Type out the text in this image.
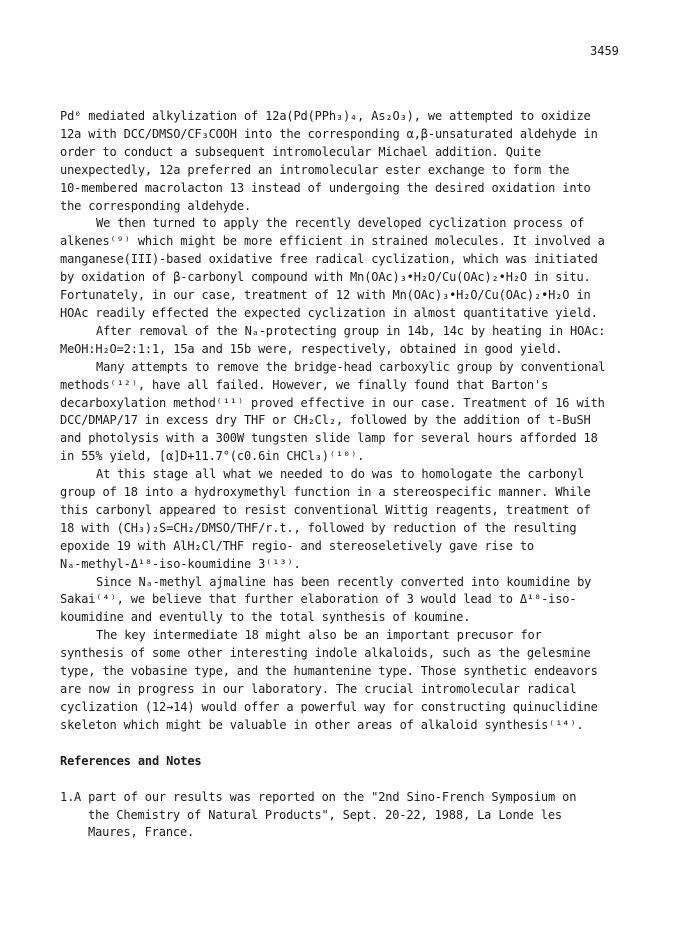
3459
Pd⁰ mediated alkylization of 12a(Pd(PPh₃)₄, As₂O₃), we attempted to oxidize
12a with DCC/DMSO/CF₃COOH into the corresponding α,β-unsaturated aldehyde in
order to conduct a subsequent intromolecular Michael addition. Quite
unexpectedly, 12a preferred an intromolecular ester exchange to form the
10-membered macrolacton 13 instead of undergoing the desired oxidation into
the corresponding aldehyde.
We then turned to apply the recently developed cyclization process of
alkenes⁽⁹⁾ which might be more efficient in strained molecules. It involved a
manganese(III)-based oxidative free radical cyclization, which was initiated
by oxidation of β-carbonyl compound with Mn(OAc)₃•H₂O/Cu(OAc)₂•H₂O in situ.
Fortunately, in our case, treatment of 12 with Mn(OAc)₃•H₂O/Cu(OAc)₂•H₂O in
HOAc readily effected the expected cyclization in almost quantitative yield.
After removal of the Nₐ-protecting group in 14b, 14c by heating in HOAc:
MeOH:H₂O=2:1:1, 15a and 15b were, respectively, obtained in good yield.
Many attempts to remove the bridge-head carboxylic group by conventional
methods⁽¹²⁾, have all failed. However, we finally found that Barton's
decarboxylation method⁽¹¹⁾ proved effective in our case. Treatment of 16 with
DCC/DMAP/17 in excess dry THF or CH₂Cl₂, followed by the addition of t-BuSH
and photolysis with a 300W tungsten slide lamp for several hours afforded 18
in 55% yield, [α]D+11.7°(c0.6in CHCl₃)⁽¹⁰⁾.
At this stage all what we needed to do was to homologate the carbonyl
group of 18 into a hydroxymethyl function in a stereospecific manner. While
this carbonyl appeared to resist conventional Wittig reagents, treatment of
18 with (CH₃)₂S=CH₂/DMSO/THF/r.t., followed by reduction of the resulting
epoxide 19 with AlH₂Cl/THF regio- and stereoseletively gave rise to
Nₐ-methyl-Δ¹⁸-iso-koumidine 3⁽¹³⁾.
Since Nₐ-methyl ajmaline has been recently converted into koumidine by
Sakai⁽⁴⁾, we believe that further elaboration of 3 would lead to Δ¹⁸-iso-
koumidine and eventully to the total synthesis of koumine.
The key intermediate 18 might also be an important precusor for
synthesis of some other interesting indole alkaloids, such as the gelesmine
type, the vobasine type, and the humantenine type. Those synthetic endeavors
are now in progress in our laboratory. The crucial intromolecular radical
cyclization (12→14) would offer a powerful way for constructing quinuclidine
skeleton which might be valuable in other areas of alkaloid synthesis⁽¹⁴⁾.
References and Notes
1. A part of our results was reported on the "2nd Sino-French Symposium on
the Chemistry of Natural Products", Sept. 20-22, 1988, La Londe les
Maures, France.
